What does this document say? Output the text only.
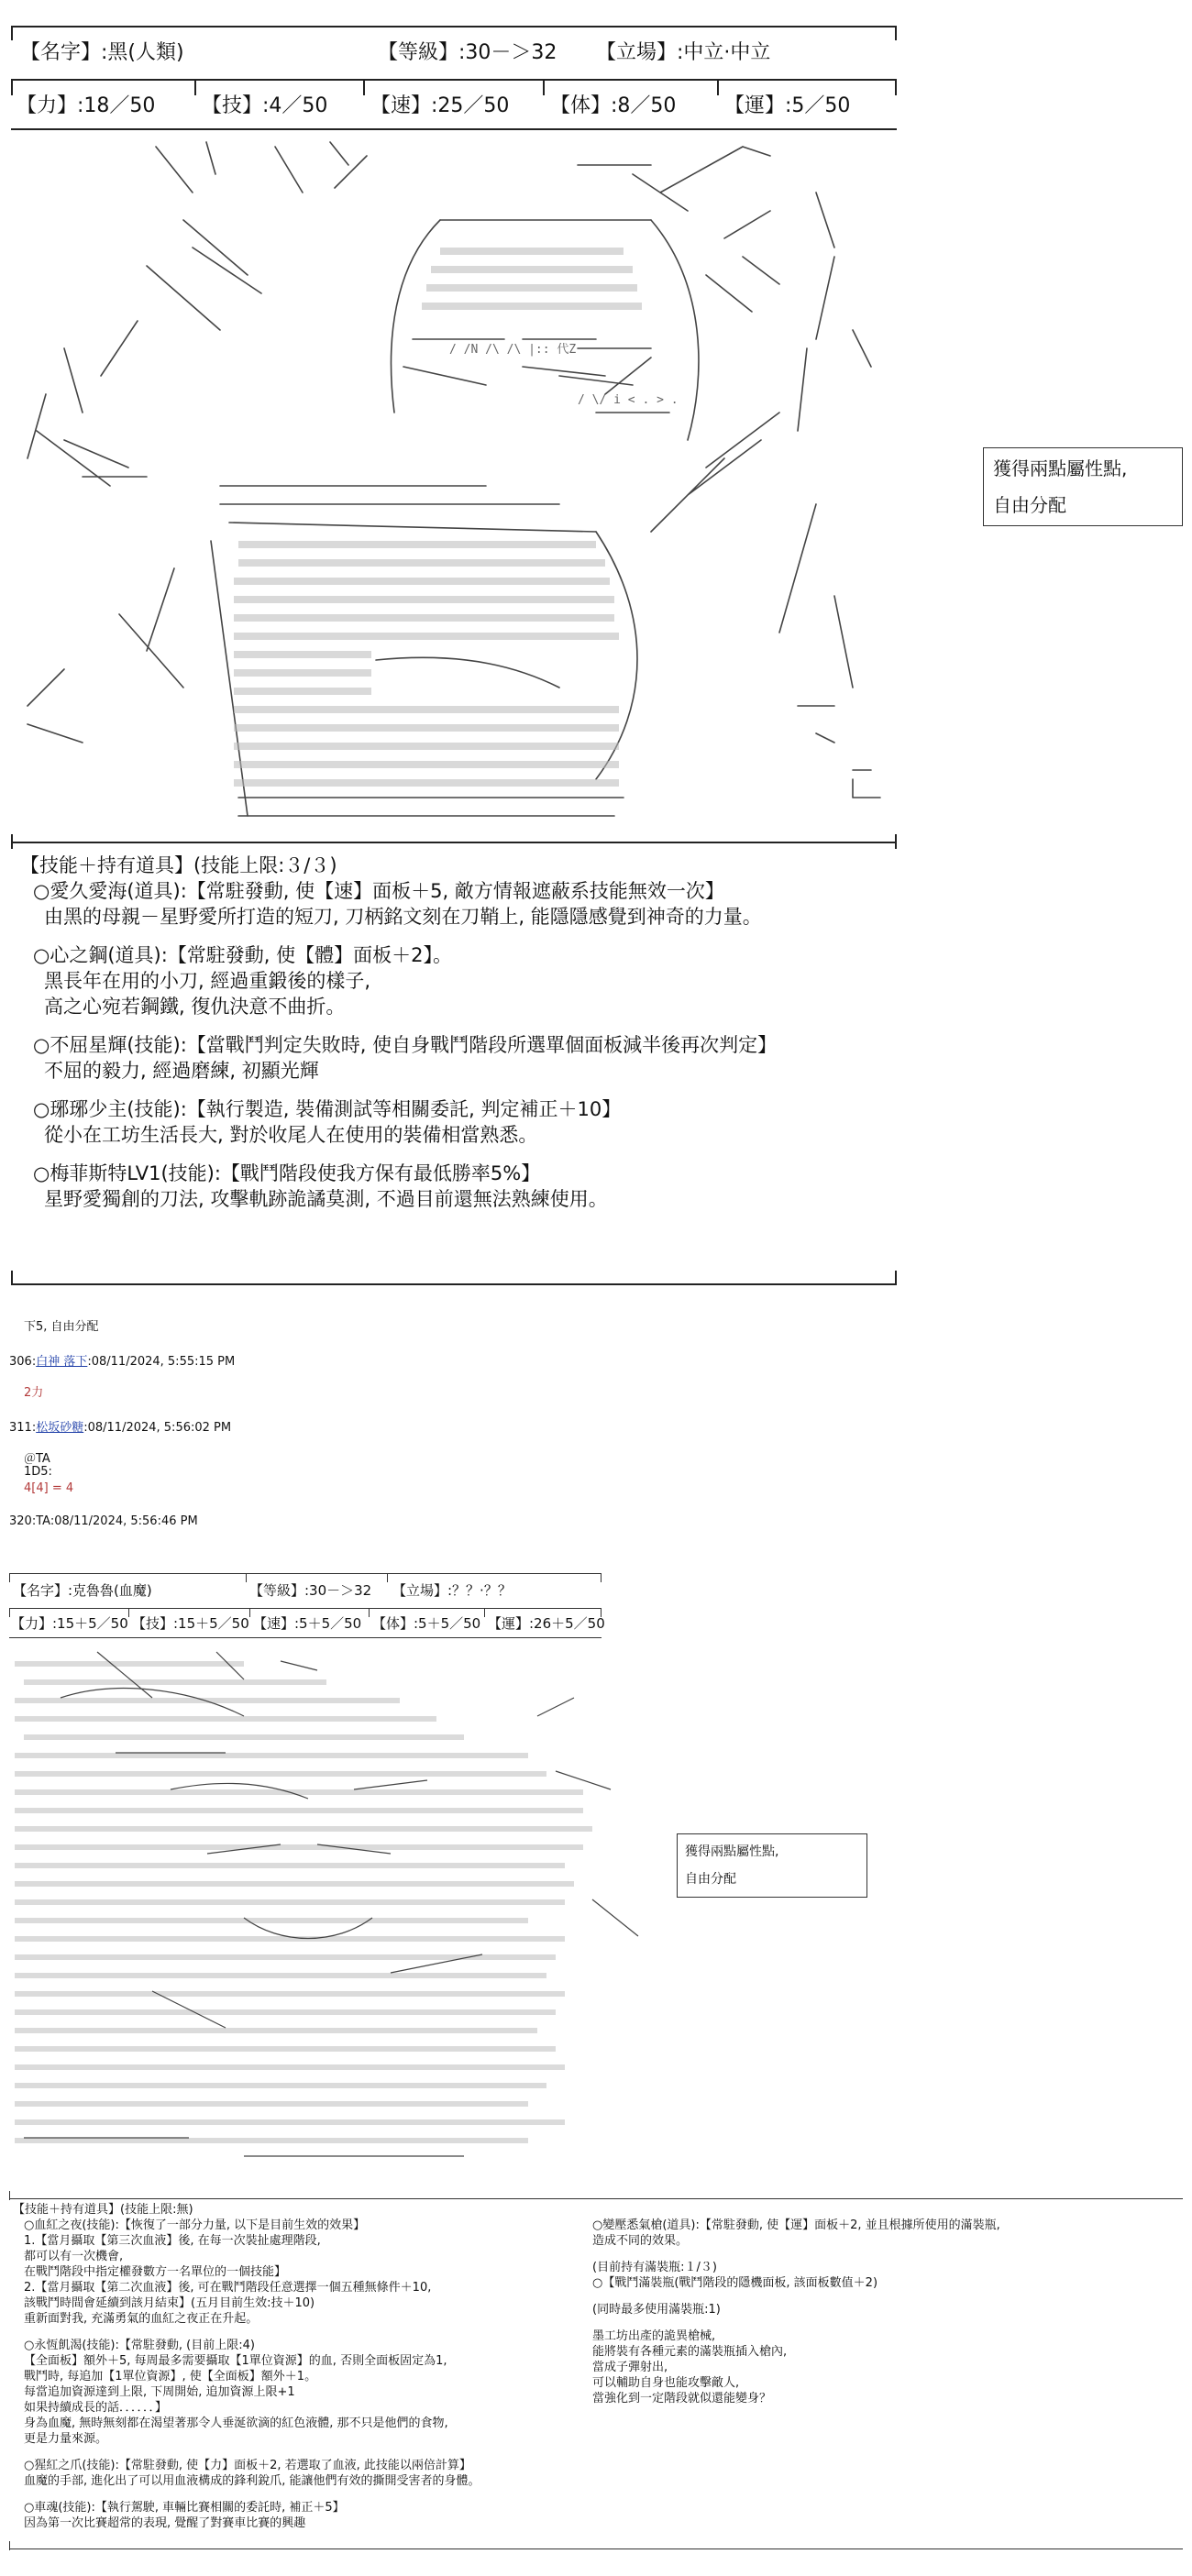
【名字】:黑(人類)	【等級】:30－＞32 【立場】:中立·中立
【力】:18／50 【技】:4／50 【速】:25／50 【体】:8／50 【運】:5／50
/ /N /\ /\ |:: 代Z
/ \/ i < . > .
獲得兩點屬性點,
自由分配

【技能＋持有道具】(技能上限:３/３)

○愛久愛海(道具):【常駐發動, 使【速】面板＋5, 敵方情報遮蔽系技能無效一次】

由黑的母親－星野愛所打造的短刀, 刀柄銘文刻在刀鞘上, 能隱隱感覺到神奇的力量。

○心之鋼(道具):【常駐發動, 使【體】面板＋2】。

黑長年在用的小刀, 經過重鍛後的樣子,

高之心宛若鋼鐵, 復仇決意不曲折。

○不屈星輝(技能):【當戰鬥判定失敗時, 使自身戰鬥階段所選單個面板減半後再次判定】

不屈的毅力, 經過磨練, 初顯光輝

○琊琊少主(技能):【執行製造, 裝備測試等相關委託, 判定補正＋10】

從小在工坊生活長大, 對於收尾人在使用的裝備相當熟悉。

○梅菲斯特LV1(技能):【戰鬥階段使我方保有最低勝率5%】

星野愛獨創的刀法, 攻擊軌跡詭譎莫測, 不過目前還無法熟練使用。

下5, 自由分配
306:白神 落下:08/11/2024, 5:55:15 PM
2力
311:松坂砂糖:08/11/2024, 5:56:02 PM
＠TA
1D5:
4[4] = 4
320:TA:08/11/2024, 5:56:46 PM
【名字】:克魯魯(血魔)	【等級】:30－＞32 【立場】:？？·？？
【力】:15＋5／50 【技】:15＋5／50 【速】:5＋5／50 【体】:5＋5／50 【運】:26＋5／50
獲得兩點屬性點,
自由分配

【技能＋持有道具】(技能上限:無)

○血紅之夜(技能):【恢復了一部分力量, 以下是目前生效的效果】

1.【當月攝取【第三次血液】後, 在每一次裝扯處理階段,

都可以有一次機會,

在戰鬥階段中指定權發數方一名單位的一個技能】

2.【當月攝取【第二次血液】後, 可在戰鬥階段任意選擇一個五種無條件＋10,

該戰鬥時間會延續到該月結束】(五月目前生效:技＋10)

重新面對我, 充滿勇氣的血紅之夜正在升起。

○永恆飢渴(技能):【常駐發動, (目前上限:4)

【全面板】額外＋5, 每周最多需要攝取【1單位資源】的血, 否則全面板固定為1,

戰鬥時, 每追加【1單位資源】, 使【全面板】額外＋1。

每當追加資源達到上限, 下周開始, 追加資源上限+1

如果持續成長的話．．．．．．】

身為血魔, 無時無刻都在渴望著那令人垂涎欲滴的紅色液體, 那不只是他們的食物,

更是力量來源。

○猩紅之爪(技能):【常駐發動, 使【力】面板＋2, 若選取了血液, 此技能以兩倍計算】

血魔的手部, 進化出了可以用血液構成的鋒利銳爪, 能讓他們有效的撕開受害者的身體。

○車魂(技能):【執行駕駛, 車輛比賽相關的委託時, 補正＋5】

因為第一次比賽超常的表現, 覺醒了對賽車比賽的興趣

○變壓悉氣槍(道具):【常駐發動, 使【運】面板＋2, 並且根據所使用的滿裝瓶,

造成不同的效果。

(目前持有滿裝瓶:１/３)

○【戰鬥滿裝瓶(戰鬥階段的隱機面板, 該面板數值＋2)

(同時最多使用滿裝瓶:1)

墨工坊出產的詭異槍械,

能將裝有各種元素的滿裝瓶插入槍內,

當成子彈射出,

可以輔助自身也能攻擊敵人,

當強化到一定階段就似還能變身？
